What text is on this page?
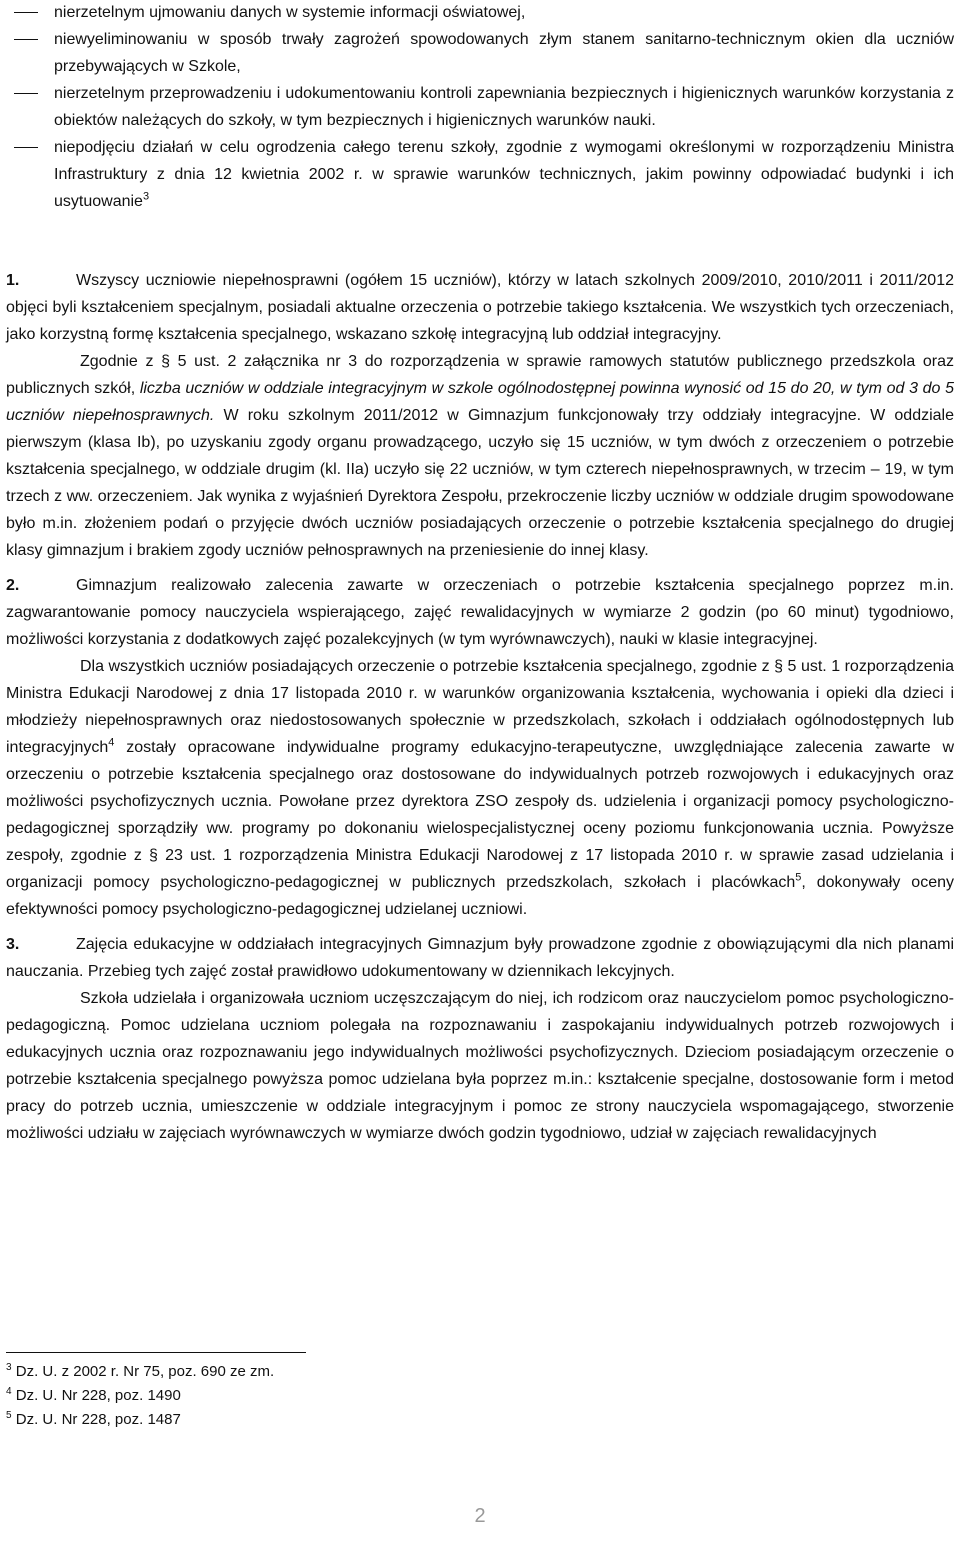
nierzetelnym ujmowaniu danych w systemie informacji oświatowej,

niewyeliminowaniu w sposób trwały zagrożeń spowodowanych złym stanem sanitarno-technicznym okien dla uczniów przebywających w Szkole,

nierzetelnym przeprowadzeniu i udokumentowaniu kontroli zapewniania bezpiecznych i higienicznych warunków korzystania z obiektów należących do szkoły, w tym bezpiecznych i higienicznych warunków nauki.

niepodjęciu działań w celu ogrodzenia całego terenu szkoły, zgodnie z wymogami określonymi w rozporządzeniu Ministra Infrastruktury z dnia 12 kwietnia 2002 r. w sprawie warunków technicznych, jakim powinny odpowiadać budynki i ich usytuowanie$^3$

1.	Wszyscy uczniowie niepełnosprawni (ogółem 15 uczniów), którzy w latach szkolnych 2009/2010, 2010/2011 i 2011/2012 objęci byli kształceniem specjalnym, posiadali aktualne orzeczenia o potrzebie takiego kształcenia. We wszystkich tych orzeczeniach, jako korzystną formę kształcenia specjalnego, wskazano szkołę integracyjną lub oddział integracyjny.

Zgodnie z § 5 ust. 2 załącznika nr 3 do rozporządzenia w sprawie ramowych statutów publicznego przedszkola oraz publicznych szkół, liczba uczniów w oddziale integracyjnym w szkole ogólnodostępnej powinna wynosić od 15 do 20, w tym od 3 do 5 uczniów niepełnosprawnych. W roku szkolnym 2011/2012 w Gimnazjum funkcjonowały trzy oddziały integracyjne. W oddziale pierwszym (klasa Ib), po uzyskaniu zgody organu prowadzącego, uczyło się 15 uczniów, w tym dwóch z orzeczeniem o potrzebie kształcenia specjalnego, w oddziale drugim (kl. IIa) uczyło się 22 uczniów, w tym czterech niepełnosprawnych, w trzecim – 19, w tym trzech z ww. orzeczeniem. Jak wynika z wyjaśnień Dyrektora Zespołu, przekroczenie liczby uczniów w oddziale drugim spowodowane było m.in. złożeniem podań o przyjęcie dwóch uczniów posiadających orzeczenie o potrzebie kształcenia specjalnego do drugiej klasy gimnazjum i brakiem zgody uczniów pełnosprawnych na przeniesienie do innej klasy.

2.	Gimnazjum realizowało zalecenia zawarte w orzeczeniach o potrzebie kształcenia specjalnego poprzez m.in. zagwarantowanie pomocy nauczyciela wspierającego, zajęć rewalidacyjnych w wymiarze 2 godzin (po 60 minut) tygodniowo, możliwości korzystania z dodatkowych zajęć pozalekcyjnych (w tym wyrównawczych), nauki w klasie integracyjnej.

Dla wszystkich uczniów posiadających orzeczenie o potrzebie kształcenia specjalnego, zgodnie z § 5 ust. 1 rozporządzenia Ministra Edukacji Narodowej z dnia 17 listopada 2010 r. w warunków organizowania kształcenia, wychowania i opieki dla dzieci i młodzieży niepełnosprawnych oraz niedostosowanych społecznie w przedszkolach, szkołach i oddziałach ogólnodostępnych lub integracyjnych$^4$ zostały opracowane indywidualne programy edukacyjno-terapeutyczne, uwzględniające zalecenia zawarte w orzeczeniu o potrzebie kształcenia specjalnego oraz dostosowane do indywidualnych potrzeb rozwojowych i edukacyjnych oraz możliwości psychofizycznych ucznia. Powołane przez dyrektora ZSO zespoły ds. udzielenia i organizacji pomocy psychologiczno-pedagogicznej sporządziły ww. programy po dokonaniu wielospecjalistycznej oceny poziomu funkcjonowania ucznia. Powyższe zespoły, zgodnie z § 23 ust. 1 rozporządzenia Ministra Edukacji Narodowej z 17 listopada 2010 r. w sprawie zasad udzielania i organizacji pomocy psychologiczno-pedagogicznej w publicznych przedszkolach, szkołach i placówkach$^5$, dokonywały oceny efektywności pomocy psychologiczno-pedagogicznej udzielanej uczniowi.

3.	Zajęcia edukacyjne w oddziałach integracyjnych Gimnazjum były prowadzone zgodnie z obowiązującymi dla nich planami nauczania. Przebieg tych zajęć został prawidłowo udokumentowany w dziennikach lekcyjnych.

Szkoła udzielała i organizowała uczniom uczęszczającym do niej, ich rodzicom oraz nauczycielom pomoc psychologiczno-pedagogiczną. Pomoc udzielana uczniom polegała na rozpoznawaniu i zaspokajaniu indywidualnych potrzeb rozwojowych i edukacyjnych ucznia oraz rozpoznawaniu jego indywidualnych możliwości psychofizycznych. Dzieciom posiadającym orzeczenie o potrzebie kształcenia specjalnego powyższa pomoc udzielana była poprzez m.in.: kształcenie specjalne, dostosowanie form i metod pracy do potrzeb ucznia, umieszczenie w oddziale integracyjnym i pomoc ze strony nauczyciela wspomagającego, stworzenie możliwości udziału w zajęciach wyrównawczych w wymiarze dwóch godzin tygodniowo, udział w zajęciach rewalidacyjnych

$^3$ Dz. U. z 2002 r. Nr 75, poz. 690 ze zm.

$^4$ Dz. U. Nr 228, poz. 1490

$^5$ Dz. U. Nr 228, poz. 1487

2
